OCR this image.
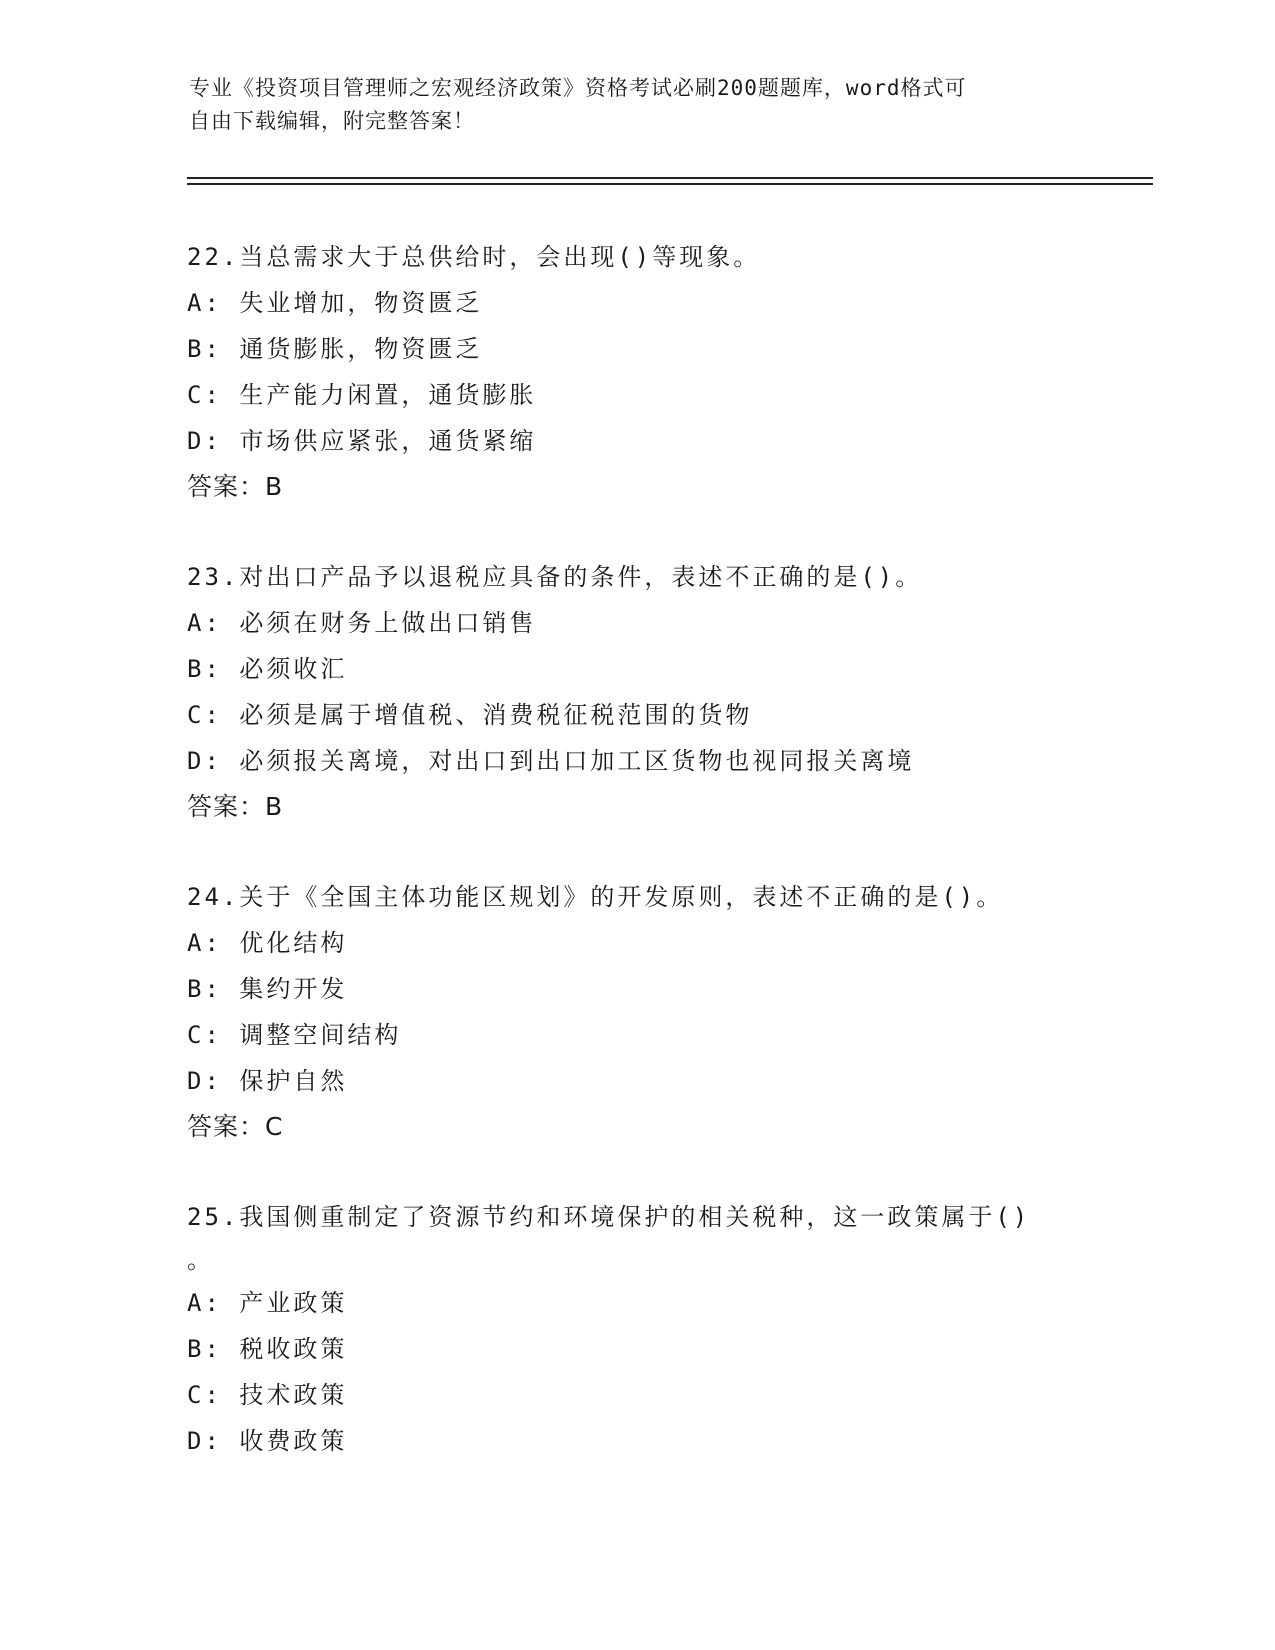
专业《投资项目管理师之宏观经济政策》资格考试必刷200题题库，word格式可
自由下载编辑，附完整答案！
22.当总需求大于总供给时，会出现()等现象。
A: 失业增加，物资匮乏
B: 通货膨胀，物资匮乏
C: 生产能力闲置，通货膨胀
D: 市场供应紧张，通货紧缩
答案：B
23.对出口产品予以退税应具备的条件，表述不正确的是()。
A: 必须在财务上做出口销售
B: 必须收汇
C: 必须是属于增值税、消费税征税范围的货物
D: 必须报关离境，对出口到出口加工区货物也视同报关离境
答案：B
24.关于《全国主体功能区规划》的开发原则，表述不正确的是()。
A: 优化结构
B: 集约开发
C: 调整空间结构
D: 保护自然
答案：C
25.我国侧重制定了资源节约和环境保护的相关税种，这一政策属于()
。
A: 产业政策
B: 税收政策
C: 技术政策
D: 收费政策
